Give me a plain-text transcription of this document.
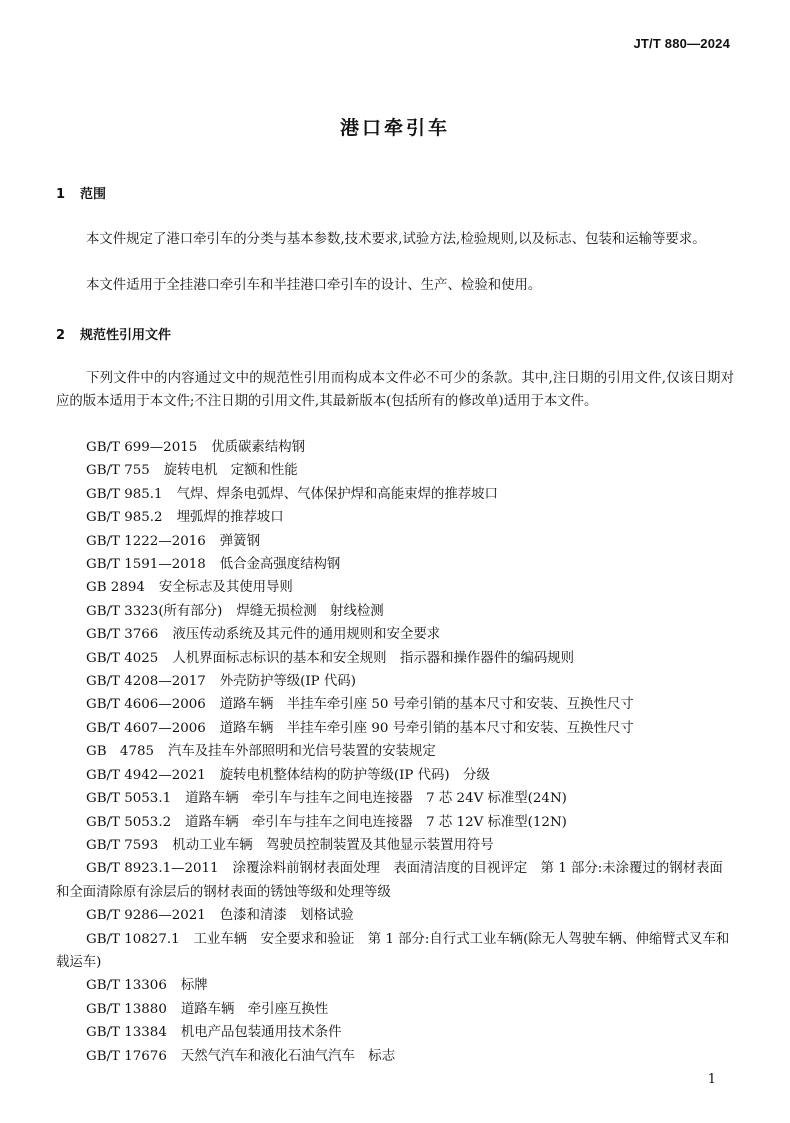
JT/T 880—2024
港口牵引车
1 范围

本文件规定了港口牵引车的分类与基本参数,技术要求,试验方法,检验规则,以及标志、包装和运输等要求。

本文件适用于全挂港口牵引车和半挂港口牵引车的设计、生产、检验和使用。

2 规范性引用文件

下列文件中的内容通过文中的规范性引用而构成本文件必不可少的条款。其中,注日期的引用文件,仅该日期对应的版本适用于本文件;不注日期的引用文件,其最新版本(包括所有的修改单)适用于本文件。

GB/T 699—2015 优质碳素结构钢
GB/T 755 旋转电机　定额和性能
GB/T 985.1 气焊、焊条电弧焊、气体保护焊和高能束焊的推荐坡口
GB/T 985.2 埋弧焊的推荐坡口
GB/T 1222—2016 弹簧钢
GB/T 1591—2018 低合金高强度结构钢
GB 2894 安全标志及其使用导则
GB/T 3323(所有部分) 焊缝无损检测　射线检测
GB/T 3766 液压传动系统及其元件的通用规则和安全要求
GB/T 4025 人机界面标志标识的基本和安全规则　指示器和操作器件的编码规则
GB/T 4208—2017 外壳防护等级(IP 代码)
GB/T 4606—2006 道路车辆　半挂车牵引座 50 号牵引销的基本尺寸和安装、互换性尺寸
GB/T 4607—2006 道路车辆　半挂车牵引座 90 号牵引销的基本尺寸和安装、互换性尺寸
GB　4785 汽车及挂车外部照明和光信号装置的安装规定
GB/T 4942—2021 旋转电机整体结构的防护等级(IP 代码)　分级
GB/T 5053.1 道路车辆　牵引车与挂车之间电连接器　7 芯 24V 标准型(24N)
GB/T 5053.2 道路车辆　牵引车与挂车之间电连接器　7 芯 12V 标准型(12N)
GB/T 7593 机动工业车辆　驾驶员控制装置及其他显示装置用符号
GB/T 8923.1—2011 涂覆涂料前钢材表面处理　表面清洁度的目视评定　第 1 部分:未涂覆过的钢材表面和全面清除原有涂层后的钢材表面的锈蚀等级和处理等级
GB/T 9286—2021 色漆和清漆　划格试验
GB/T 10827.1 工业车辆　安全要求和验证　第 1 部分:自行式工业车辆(除无人驾驶车辆、伸缩臂式叉车和载运车)
GB/T 13306 标牌
GB/T 13880 道路车辆　牵引座互换性
GB/T 13384 机电产品包装通用技术条件
GB/T 17676 天然气汽车和液化石油气汽车　标志
1
